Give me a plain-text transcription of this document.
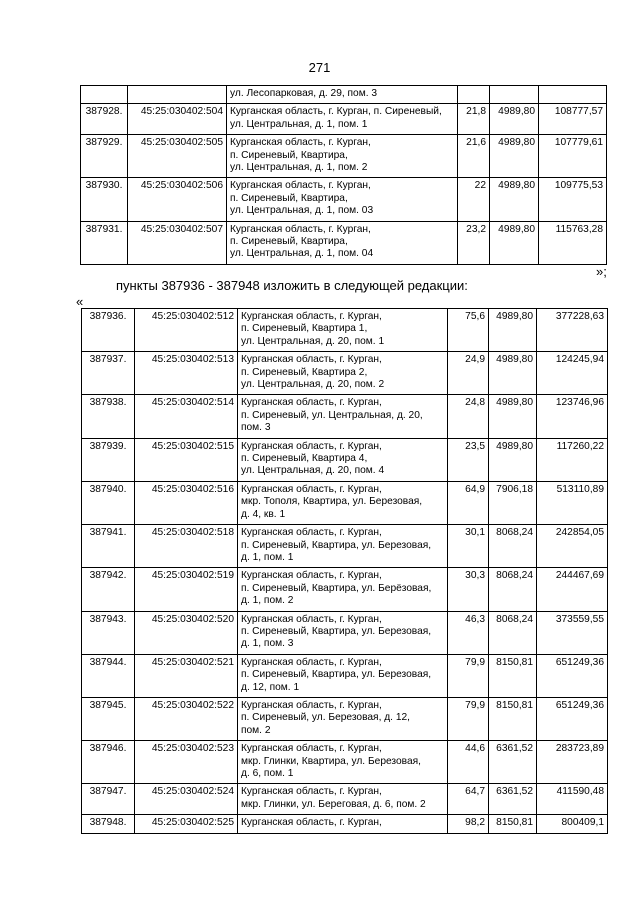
271
		ул. Лесопарковая, д. 29, пом. 3			
387928.	45:25:030402:504	Курганская область, г. Курган, п. Сиреневый,
ул. Центральная, д. 1, пом. 1	21,8	4989,80	108777,57
387929.	45:25:030402:505	Курганская область, г. Курган,
п. Сиреневый, Квартира,
ул. Центральная, д. 1, пом. 2	21,6	4989,80	107779,61
387930.	45:25:030402:506	Курганская область, г. Курган,
п. Сиреневый, Квартира,
ул. Центральная, д. 1, пом. 03	22	4989,80	109775,53
387931.	45:25:030402:507	Курганская область, г. Курган,
п. Сиреневый, Квартира,
ул. Центральная, д. 1, пом. 04	23,2	4989,80	115763,28
»;
пункты 387936 - 387948 изложить в следующей редакции:
«
387936.	45:25:030402:512	Курганская область, г. Курган,
п. Сиреневый, Квартира 1,
ул. Центральная, д. 20, пом. 1	75,6	4989,80	377228,63
387937.	45:25:030402:513	Курганская область, г. Курган,
п. Сиреневый, Квартира 2,
ул. Центральная, д. 20, пом. 2	24,9	4989,80	124245,94
387938.	45:25:030402:514	Курганская область, г. Курган,
п. Сиреневый, ул. Центральная, д. 20,
пом. 3	24,8	4989,80	123746,96
387939.	45:25:030402:515	Курганская область, г. Курган,
п. Сиреневый, Квартира 4,
ул. Центральная, д. 20, пом. 4	23,5	4989,80	117260,22
387940.	45:25:030402:516	Курганская область, г. Курган,
мкр. Тополя, Квартира, ул. Березовая,
д. 4, кв. 1	64,9	7906,18	513110,89
387941.	45:25:030402:518	Курганская область, г. Курган,
п. Сиреневый, Квартира, ул. Березовая,
д. 1, пом. 1	30,1	8068,24	242854,05
387942.	45:25:030402:519	Курганская область, г. Курган,
п. Сиреневый, Квартира, ул. Берёзовая,
д. 1, пом. 2	30,3	8068,24	244467,69
387943.	45:25:030402:520	Курганская область, г. Курган,
п. Сиреневый, Квартира, ул. Березовая,
д. 1, пом. 3	46,3	8068,24	373559,55
387944.	45:25:030402:521	Курганская область, г. Курган,
п. Сиреневый, Квартира, ул. Березовая,
д. 12, пом. 1	79,9	8150,81	651249,36
387945.	45:25:030402:522	Курганская область, г. Курган,
п. Сиреневый, ул. Березовая, д. 12,
пом. 2	79,9	8150,81	651249,36
387946.	45:25:030402:523	Курганская область, г. Курган,
мкр. Глинки, Квартира, ул. Березовая,
д. 6, пом. 1	44,6	6361,52	283723,89
387947.	45:25:030402:524	Курганская область, г. Курган,
мкр. Глинки, ул. Береговая, д. 6, пом. 2	64,7	6361,52	411590,48
387948.	45:25:030402:525	Курганская область, г. Курган,	98,2	8150,81	800409,1
